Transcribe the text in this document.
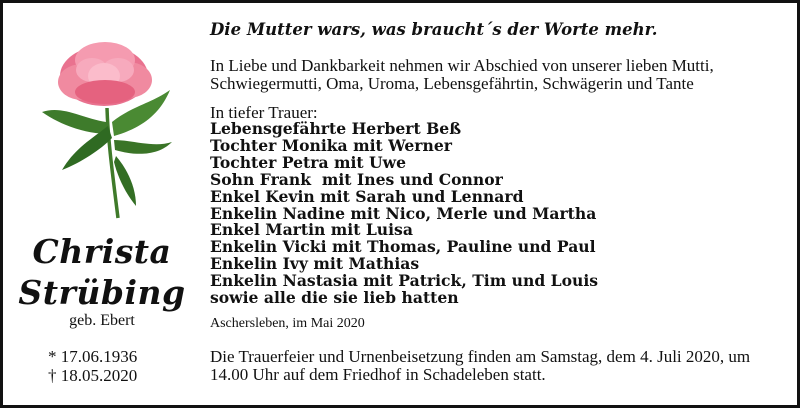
Christa
Strübing
geb. Ebert
* 17.06.1936
† 18.05.2020
Die Mutter wars, was braucht´s der Worte mehr.
In Liebe und Dankbarkeit nehmen wir Abschied von unserer lieben Mutti, Schwiegermutti, Oma, Uroma, Lebensgefährtin, Schwägerin und Tante
In tiefer Trauer:
Lebensgefährte Herbert Beß
Tochter Monika mit Werner
Tochter Petra mit Uwe
Sohn Frank  mit Ines und Connor
Enkel Kevin mit Sarah und Lennard
Enkelin Nadine mit Nico, Merle und Martha
Enkel Martin mit Luisa
Enkelin Vicki mit Thomas, Pauline und Paul
Enkelin Ivy mit Mathias
Enkelin Nastasia mit Patrick, Tim und Louis
sowie alle die sie lieb hatten
Aschersleben, im Mai 2020
Die Trauerfeier und Urnenbeisetzung finden am Samstag, dem 4. Juli 2020, um 14.00 Uhr auf dem Friedhof in Schadeleben statt.
